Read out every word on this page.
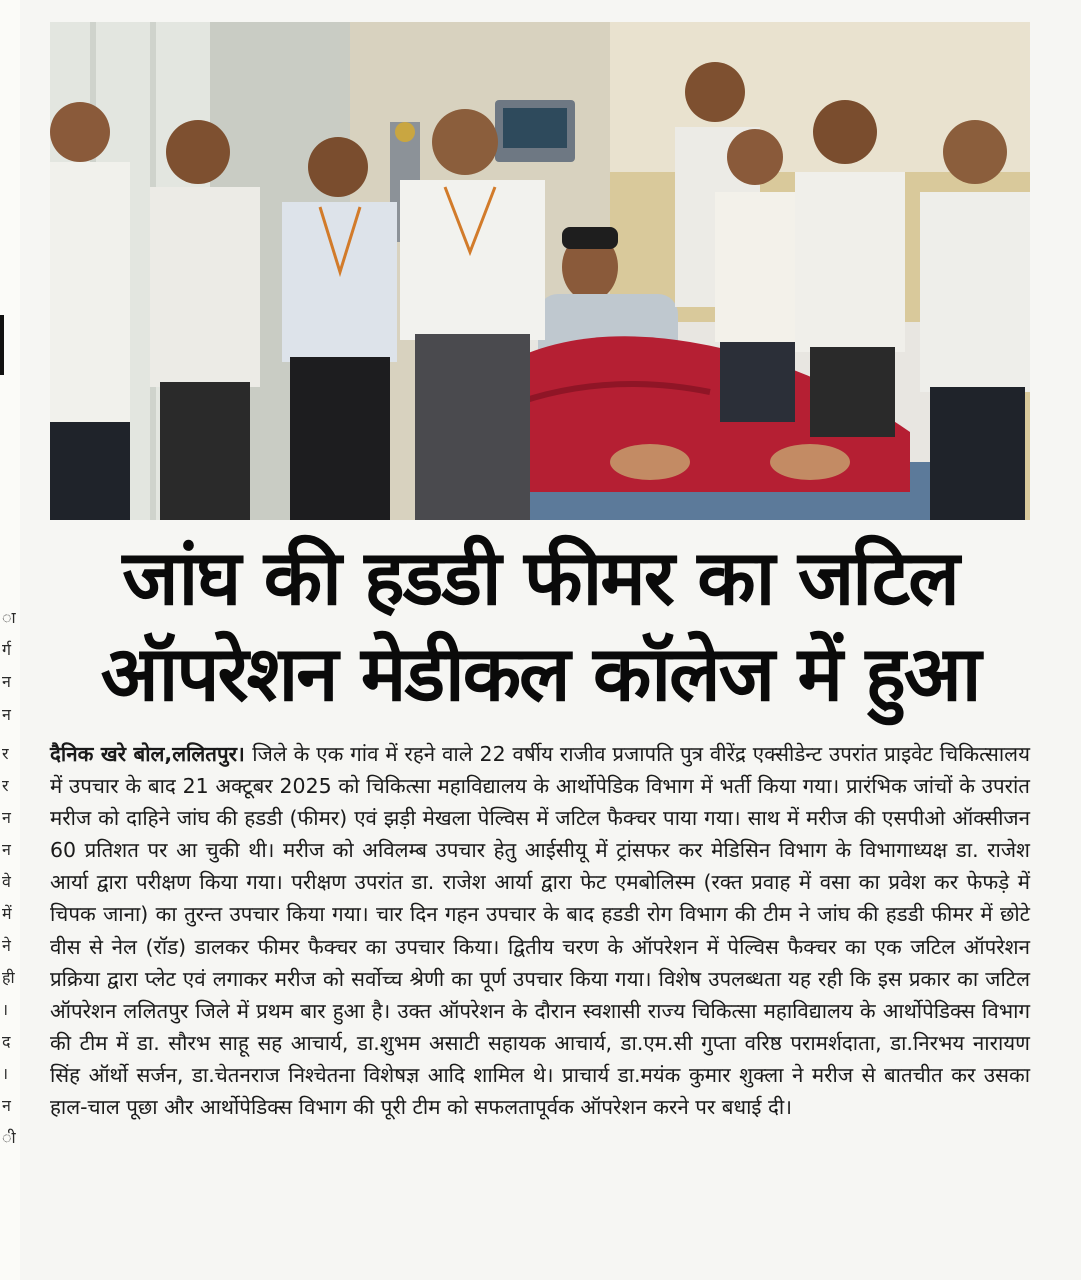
ा
र्ग
न
न
र
र
न
न
वे
में
ने
ही
।
द
।
न
ी
जांघ की हडडी फीमर का जटिल
ऑपरेशन मेडीकल कॉलेज में हुआ
दैनिक खरे बोल,ललितपुर। जिले के एक गांव में रहने वाले 22 वर्षीय राजीव प्रजापति पुत्र वीरेंद्र एक्सीडेन्ट उपरांत प्राइवेट चिकित्सालय में उपचार के बाद 21 अक्टूबर 2025 को चिकित्सा महाविद्यालय के आर्थोपेडिक विभाग में भर्ती किया गया। प्रारंभिक जांचों के उपरांत मरीज को दाहिने जांघ की हडडी (फीमर) एवं झड़ी मेखला पेल्विस में जटिल फैक्चर पाया गया। साथ में मरीज की एसपीओ ऑक्सीजन 60 प्रतिशत पर आ चुकी थी। मरीज को अविलम्ब उपचार हेतु आईसीयू में ट्रांसफर कर मेडिसिन विभाग के विभागाध्यक्ष डा. राजेश आर्या द्वारा परीक्षण किया गया। परीक्षण उपरांत डा. राजेश आर्या द्वारा फेट एमबोलिस्म (रक्त प्रवाह में वसा का प्रवेश कर फेफड़े में चिपक जाना) का तुरन्त उपचार किया गया। चार दिन गहन उपचार के बाद हडडी रोग विभाग की टीम ने जांघ की हडडी फीमर में छोटे वीस से नेल (रॉड) डालकर फीमर फैक्चर का उपचार किया। द्वितीय चरण के ऑपरेशन में पेल्विस फैक्चर का एक जटिल ऑपरेशन प्रक्रिया द्वारा प्लेट एवं लगाकर मरीज को सर्वोच्च श्रेणी का पूर्ण उपचार किया गया। विशेष उपलब्धता यह रही कि इस प्रकार का जटिल ऑपरेशन ललितपुर जिले में प्रथम बार हुआ है। उक्त ऑपरेशन के दौरान स्वशासी राज्य चिकित्सा महाविद्यालय के आर्थोपेडिक्स विभाग की टीम में डा. सौरभ साहू सह आचार्य, डा.शुभम असाटी सहायक आचार्य, डा.एम.सी गुप्ता वरिष्ठ परामर्शदाता, डा.निरभय नारायण सिंह ऑर्थो सर्जन, डा.चेतनराज निश्चेतना विशेषज्ञ आदि शामिल थे। प्राचार्य डा.मयंक कुमार शुक्ला ने मरीज से बातचीत कर उसका हाल-चाल पूछा और आर्थोपेडिक्स विभाग की पूरी टीम को सफलतापूर्वक ऑपरेशन करने पर बधाई दी।
